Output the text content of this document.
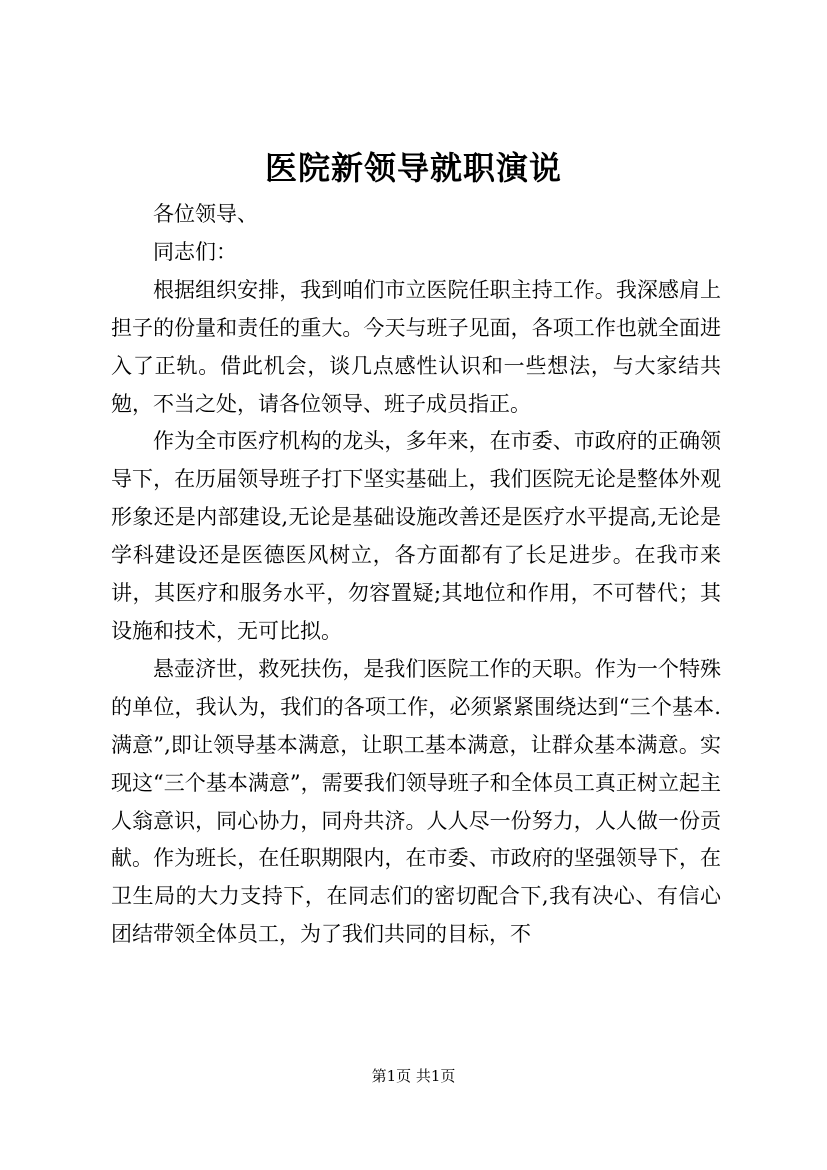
医院新领导就职演说

各位领导、

同志们：

根据组织安排，我到咱们市立医院任职主持工作。我深感肩上担子的份量和责任的重大。今天与班子见面，各项工作也就全面进入了正轨。借此机会，谈几点感性认识和一些想法，与大家结共勉，不当之处，请各位领导、班子成员指正。

作为全市医疗机构的龙头，多年来，在市委、市政府的正确领导下，在历届领导班子打下坚实基础上，我们医院无论是整体外观形象还是内部建设,无论是基础设施改善还是医疗水平提高,无论是学科建设还是医德医风树立，各方面都有了长足进步。在我市来讲，其医疗和服务水平，勿容置疑;其地位和作用，不可替代；其设施和技术，无可比拟。

悬壶济世，救死扶伤，是我们医院工作的天职。作为一个特殊的单位，我认为，我们的各项工作，必须紧紧围绕达到“三个基本.满意”,即让领导基本满意，让职工基本满意，让群众基本满意。实现这“三个基本满意”，需要我们领导班子和全体员工真正树立起主人翁意识，同心协力，同舟共济。人人尽一份努力，人人做一份贡献。作为班长，在任职期限内，在市委、市政府的坚强领导下，在卫生局的大力支持下，在同志们的密切配合下,我有决心、有信心团结带领全体员工，为了我们共同的目标，不

第1页 共1页
